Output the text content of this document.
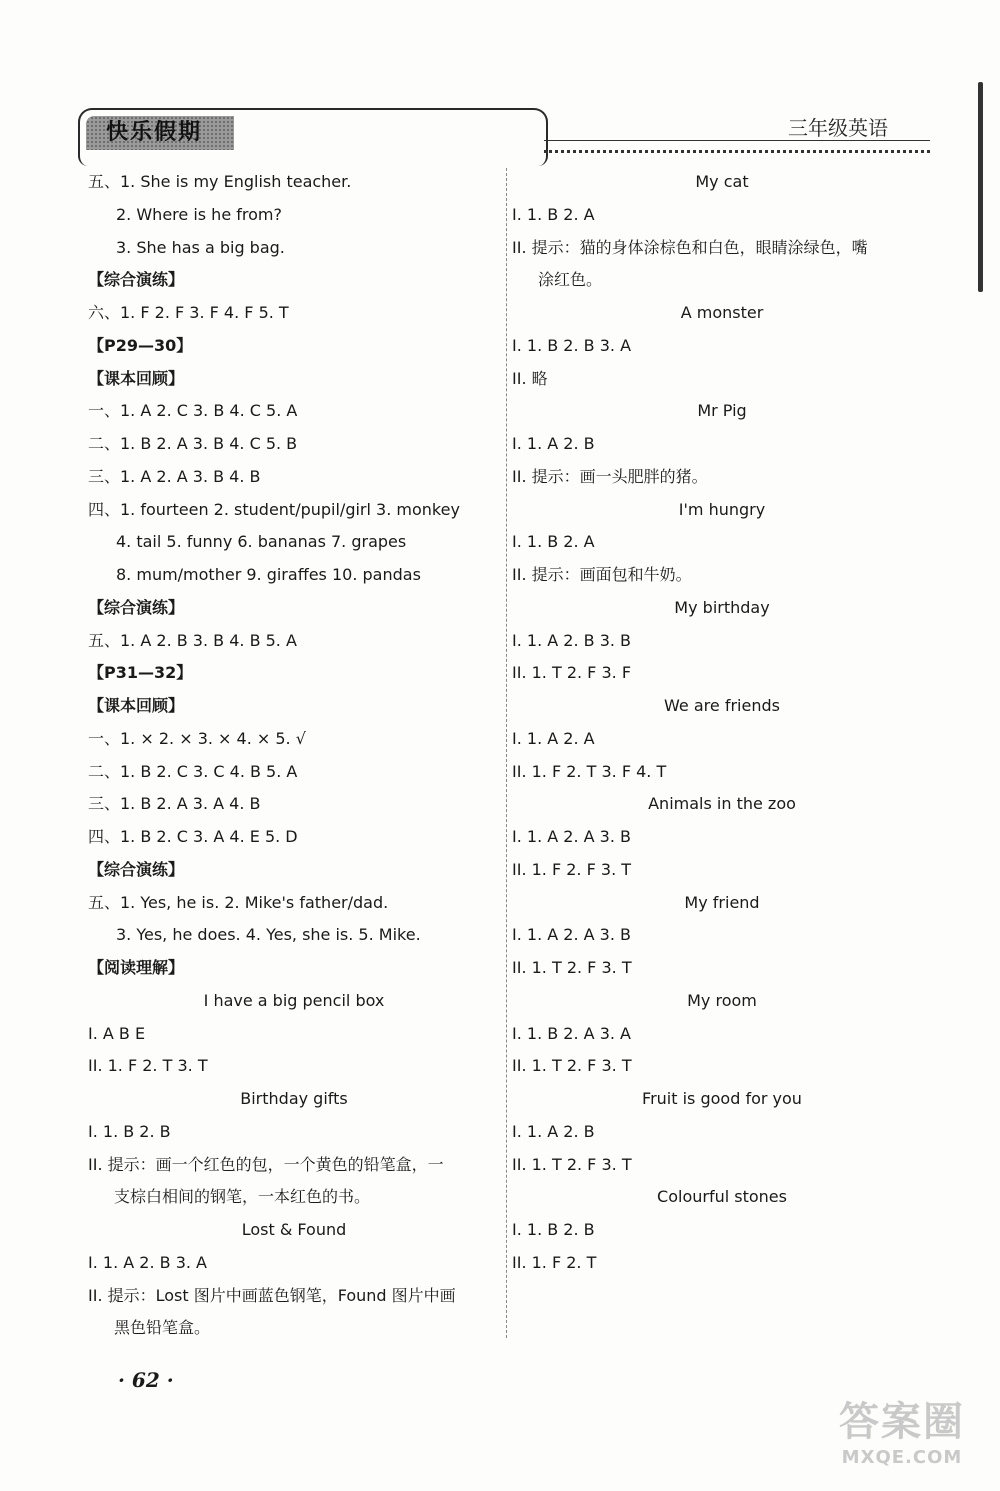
快乐假期	三年级英语
五、1. She is my English teacher.
2. Where is he from?
3. She has a big bag.
【综合演练】
六、1. F 2. F 3. F 4. F 5. T
【P29—30】
【课本回顾】
一、1. A 2. C 3. B 4. C 5. A
二、1. B 2. A 3. B 4. C 5. B
三、1. A 2. A 3. B 4. B
四、1. fourteen 2. student/pupil/girl 3. monkey
4. tail 5. funny 6. bananas 7. grapes
8. mum/mother 9. giraffes 10. pandas
【综合演练】
五、1. A 2. B 3. B 4. B 5. A
【P31—32】
【课本回顾】
一、1. × 2. × 3. × 4. × 5. √
二、1. B 2. C 3. C 4. B 5. A
三、1. B 2. A 3. A 4. B
四、1. B 2. C 3. A 4. E 5. D
【综合演练】
五、1. Yes, he is. 2. Mike's father/dad.
3. Yes, he does. 4. Yes, she is. 5. Mike.
【阅读理解】
I have a big pencil box
I. A B E
II. 1. F 2. T 3. T
Birthday gifts
I. 1. B 2. B
II. 提示：画一个红色的包，一个黄色的铅笔盒，一
支棕白相间的钢笔，一本红色的书。
Lost & Found
I. 1. A 2. B 3. A
II. 提示：Lost 图片中画蓝色钢笔，Found 图片中画
黑色铅笔盒。
My cat
I. 1. B 2. A
II. 提示：猫的身体涂棕色和白色，眼睛涂绿色，嘴
涂红色。
A monster
I. 1. B 2. B 3. A
II. 略
Mr Pig
I. 1. A 2. B
II. 提示：画一头肥胖的猪。
I'm hungry
I. 1. B 2. A
II. 提示：画面包和牛奶。
My birthday
I. 1. A 2. B 3. B
II. 1. T 2. F 3. F
We are friends
I. 1. A 2. A
II. 1. F 2. T 3. F 4. T
Animals in the zoo
I. 1. A 2. A 3. B
II. 1. F 2. F 3. T
My friend
I. 1. A 2. A 3. B
II. 1. T 2. F 3. T
My room
I. 1. B 2. A 3. A
II. 1. T 2. F 3. T
Fruit is good for you
I. 1. A 2. B
II. 1. T 2. F 3. T
Colourful stones
I. 1. B 2. B
II. 1. F 2. T
· 62 ·
答案圈
MXQE.COM
